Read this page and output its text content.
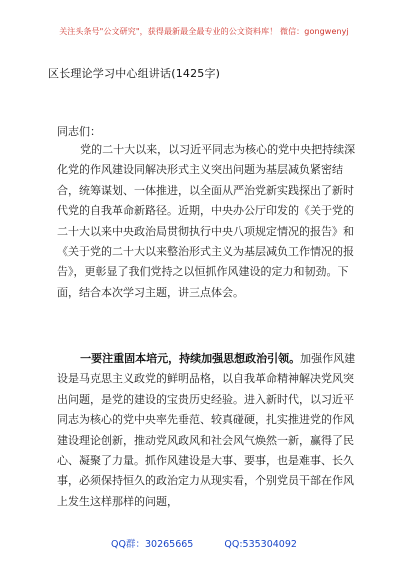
关注头条号"公文研究"，获得最新最全最专业的公文资料库！ 微信：gongwenyj
区长理论学习中心组讲话(1425字)
同志们：

党的二十大以来，以习近平同志为核心的党中央把持续深化党的作风建设同解决形式主义突出问题为基层减负紧密结合，统筹谋划、一体推进，以全面从严治党新实践探出了新时代党的自我革命新路径。近期，中央办公厅印发的《关于党的二十大以来中央政治局贯彻执行中央八项规定情况的报告》和《关于党的二十大以来整治形式主义为基层减负工作情况的报告》，更彰显了我们党持之以恒抓作风建设的定力和韧劲。下面，结合本次学习主题，讲三点体会。

一要注重固本培元，持续加强思想政治引领。加强作风建设是马克思主义政党的鲜明品格，以自我革命精神解决党风突出问题，是党的建设的宝贵历史经验。进入新时代，以习近平同志为核心的党中央率先垂范、较真碰硬，扎实推进党的作风建设理论创新，推动党风政风和社会风气焕然一新，赢得了民心、凝聚了力量。抓作风建设是大事、要事，也是难事、长久事，必须保持恒久的政治定力从现实看，个别党员干部在作风上发生这样那样的问题，

QQ群：30265665	QQ:535304092
